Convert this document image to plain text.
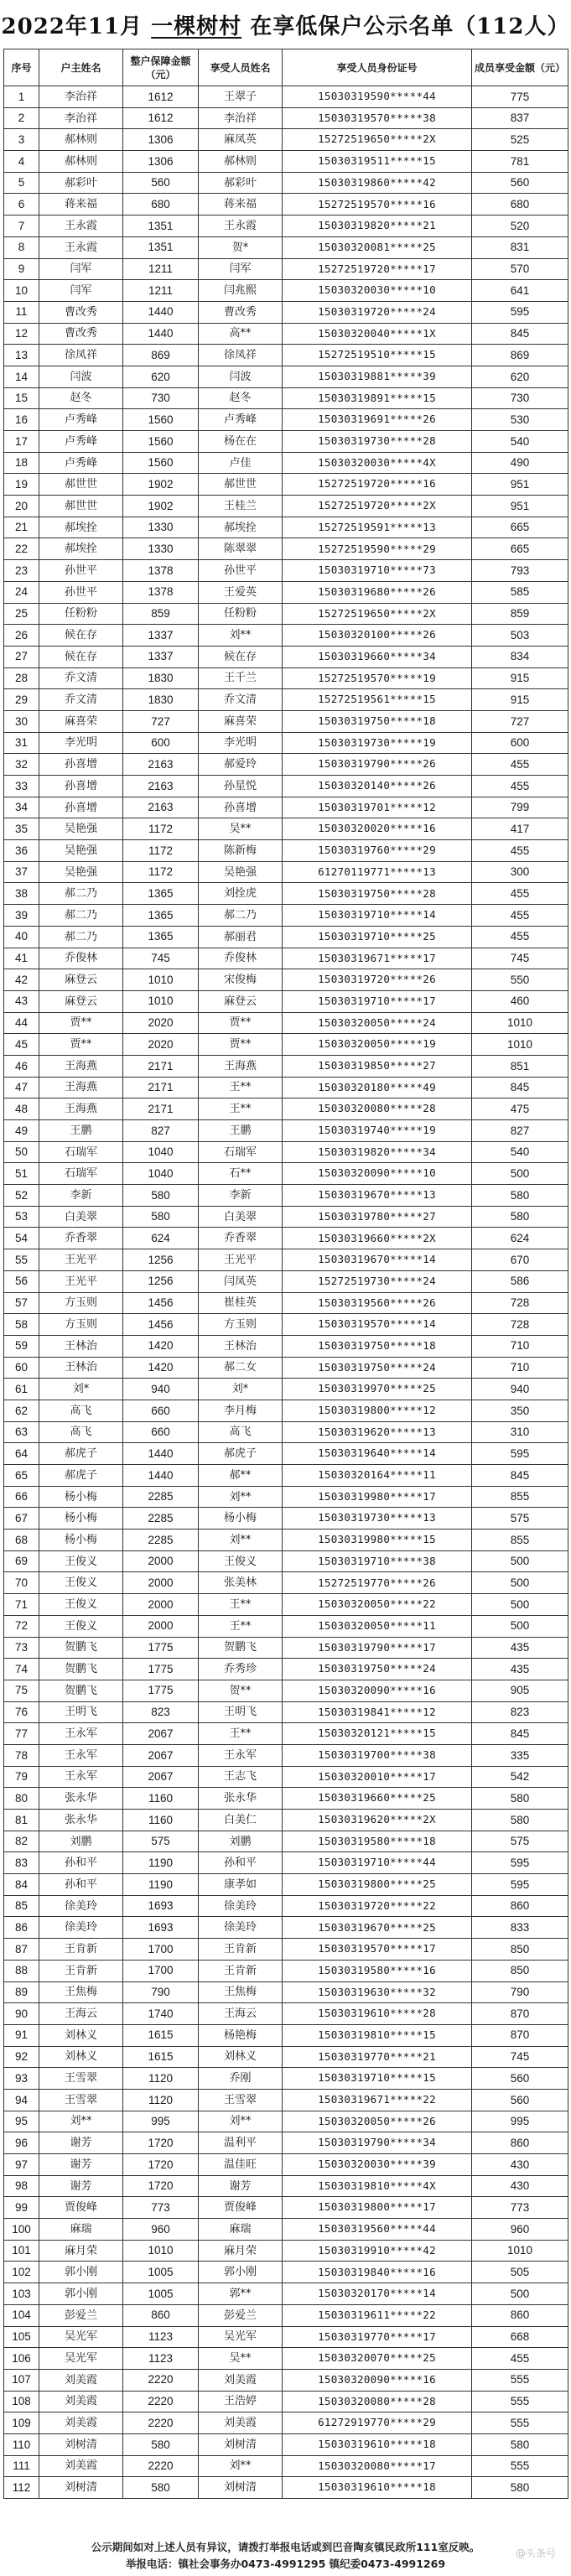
2022年11月
一棵树村
在享低保户公示名单（112人）
序号	户主姓名	整户保障金额（元）	享受人员姓名	享受人员身份证号	成员享受金额（元）
1	李治祥	1612	王翠子	15030319590*****44	775
2	李治祥	1612	李治祥	15030319570*****38	837
3	郝林则	1306	麻凤英	15272519650*****2X	525
4	郝林则	1306	郝林则	15030319511*****15	781
5	郝彩叶	560	郝彩叶	15030319860*****42	560
6	蒋来福	680	蒋来福	15272519570*****16	680
7	王永霞	1351	王永霞	15030319820*****21	520
8	王永霞	1351	贺*	15030320081*****25	831
9	闫军	1211	闫军	15272519720*****17	570
10	闫军	1211	闫兆熙	15030320030*****10	641
11	曹改秀	1440	曹改秀	15030319720*****24	595
12	曹改秀	1440	高**	15030320040*****1X	845
13	徐凤祥	869	徐凤祥	15272519510*****15	869
14	闫波	620	闫波	15030319881*****39	620
15	赵冬	730	赵冬	15030319891*****15	730
16	卢秀峰	1560	卢秀峰	15030319691*****26	530
17	卢秀峰	1560	杨在在	15030319730*****28	540
18	卢秀峰	1560	卢佳	15030320030*****4X	490
19	郝世世	1902	郝世世	15272519720*****16	951
20	郝世世	1902	王桂兰	15272519720*****2X	951
21	郝埃拴	1330	郝埃拴	15272519591*****13	665
22	郝埃拴	1330	陈翠翠	15272519590*****29	665
23	孙世平	1378	孙世平	15030319710*****73	793
24	孙世平	1378	王爱英	15030319680*****26	585
25	任粉粉	859	任粉粉	15272519650*****2X	859
26	候在存	1337	刘**	15030320100*****26	503
27	候在存	1337	候在存	15030319660*****34	834
28	乔文清	1830	王千兰	15272519570*****19	915
29	乔文清	1830	乔文清	15272519561*****15	915
30	麻喜荣	727	麻喜荣	15030319750*****18	727
31	李光明	600	李光明	15030319730*****19	600
32	孙喜增	2163	郝爱玲	15030319790*****26	455
33	孙喜增	2163	孙星悦	15030320140*****26	455
34	孙喜增	2163	孙喜增	15030319701*****12	799
35	吴艳强	1172	吴**	15030320020*****16	417
36	吴艳强	1172	陈新梅	15030319760*****29	455
37	吴艳强	1172	吴艳强	61270119771*****13	300
38	郝二乃	1365	刘拴虎	15030319750*****28	455
39	郝二乃	1365	郝二乃	15030319710*****14	455
40	郝二乃	1365	郝丽君	15030319710*****25	455
41	乔俊林	745	乔俊林	15030319671*****17	745
42	麻登云	1010	宋俊梅	15030319720*****26	550
43	麻登云	1010	麻登云	15030319710*****17	460
44	贾**	2020	贾**	15030320050*****24	1010
45	贾**	2020	贾**	15030320050*****19	1010
46	王海燕	2171	王海燕	15030319850*****27	851
47	王海燕	2171	王**	15030320180*****49	845
48	王海燕	2171	王**	15030320080*****28	475
49	王鹏	827	王鹏	15030319740*****19	827
50	石瑞军	1040	石瑞军	15030319820*****34	540
51	石瑞军	1040	石**	15030320090*****10	500
52	李新	580	李新	15030319670*****13	580
53	白美翠	580	白美翠	15030319780*****27	580
54	乔香翠	624	乔香翠	15030319660*****2X	624
55	王光平	1256	王光平	15030319670*****14	670
56	王光平	1256	闫凤英	15272519730*****24	586
57	方玉则	1456	崔桂英	15030319560*****26	728
58	方玉则	1456	方玉则	15030319570*****14	728
59	王林治	1420	王林治	15030319750*****18	710
60	王林治	1420	郝二女	15030319750*****24	710
61	刘*	940	刘*	15030319970*****25	940
62	高飞	660	李月梅	15030319800*****12	350
63	高飞	660	高飞	15030319620*****13	310
64	郝虎子	1440	郝虎子	15030319640*****14	595
65	郝虎子	1440	郝**	15030320164*****11	845
66	杨小梅	2285	刘**	15030319980*****17	855
67	杨小梅	2285	杨小梅	15030319730*****13	575
68	杨小梅	2285	刘**	15030319980*****15	855
69	王俊义	2000	王俊义	15030319710*****38	500
70	王俊义	2000	张美林	15272519770*****26	500
71	王俊义	2000	王**	15030320050*****22	500
72	王俊义	2000	王**	15030320050*****11	500
73	贺鹏飞	1775	贺鹏飞	15030319790*****17	435
74	贺鹏飞	1775	乔秀珍	15030319750*****24	435
75	贺鹏飞	1775	贺**	15030320090*****16	905
76	王明飞	823	王明飞	15030319841*****12	823
77	王永军	2067	王**	15030320121*****15	845
78	王永军	2067	王永军	15030319700*****38	335
79	王永军	2067	王志飞	15030320010*****17	542
80	张永华	1160	张永华	15030319660*****25	580
81	张永华	1160	白美仁	15030319620*****2X	580
82	刘鹏	575	刘鹏	15030319580*****18	575
83	孙和平	1190	孙和平	15030319710*****44	595
84	孙和平	1190	康孝如	15030319800*****25	595
85	徐美玲	1693	徐美玲	15030319720*****22	860
86	徐美玲	1693	徐美玲	15030319670*****25	833
87	王肯新	1700	王肯新	15030319570*****17	850
88	王肯新	1700	王肯新	15030319580*****16	850
89	王焦梅	790	王焦梅	15030319630*****32	790
90	王海云	1740	王海云	15030319610*****28	870
91	刘林义	1615	杨艳梅	15030319810*****15	870
92	刘林义	1615	刘林义	15030319770*****21	745
93	王雪翠	1120	乔刚	15030319710*****15	560
94	王雪翠	1120	王雪翠	15030319671*****22	560
95	刘**	995	刘**	15030320050*****26	995
96	谢芳	1720	温利平	15030319790*****34	860
97	谢芳	1720	温佳旺	15030320030*****39	430
98	谢芳	1720	谢芳	15030319810*****4X	430
99	贾俊峰	773	贾俊峰	15030319800*****17	773
100	麻瑞	960	麻瑞	15030319560*****44	960
101	麻月荣	1010	麻月荣	15030319910*****42	1010
102	郭小刚	1005	郭小刚	15030319840*****16	505
103	郭小刚	1005	郭**	15030320170*****14	500
104	彭爱兰	860	彭爱兰	15030319611*****22	860
105	吴光军	1123	吴光军	15030319770*****17	668
106	吴光军	1123	吴**	15030320070*****25	455
107	刘美霞	2220	刘美霞	15030320090*****16	555
108	刘美霞	2220	王浩婷	15030320080*****28	555
109	刘美霞	2220	刘美霞	61272919770*****29	555
110	刘树清	580	刘树清	15030319610*****18	580
111	刘美霞	2220	刘**	15030320080*****17	555
112	刘树清	580	刘树清	15030319610*****18	580
公示期间如对上述人员有异议，请拨打举报电话或到巴音陶亥镇民政所111室反映。
举报电话：镇社会事务办0473-4991295 镇纪委0473-4991269
@头条号
